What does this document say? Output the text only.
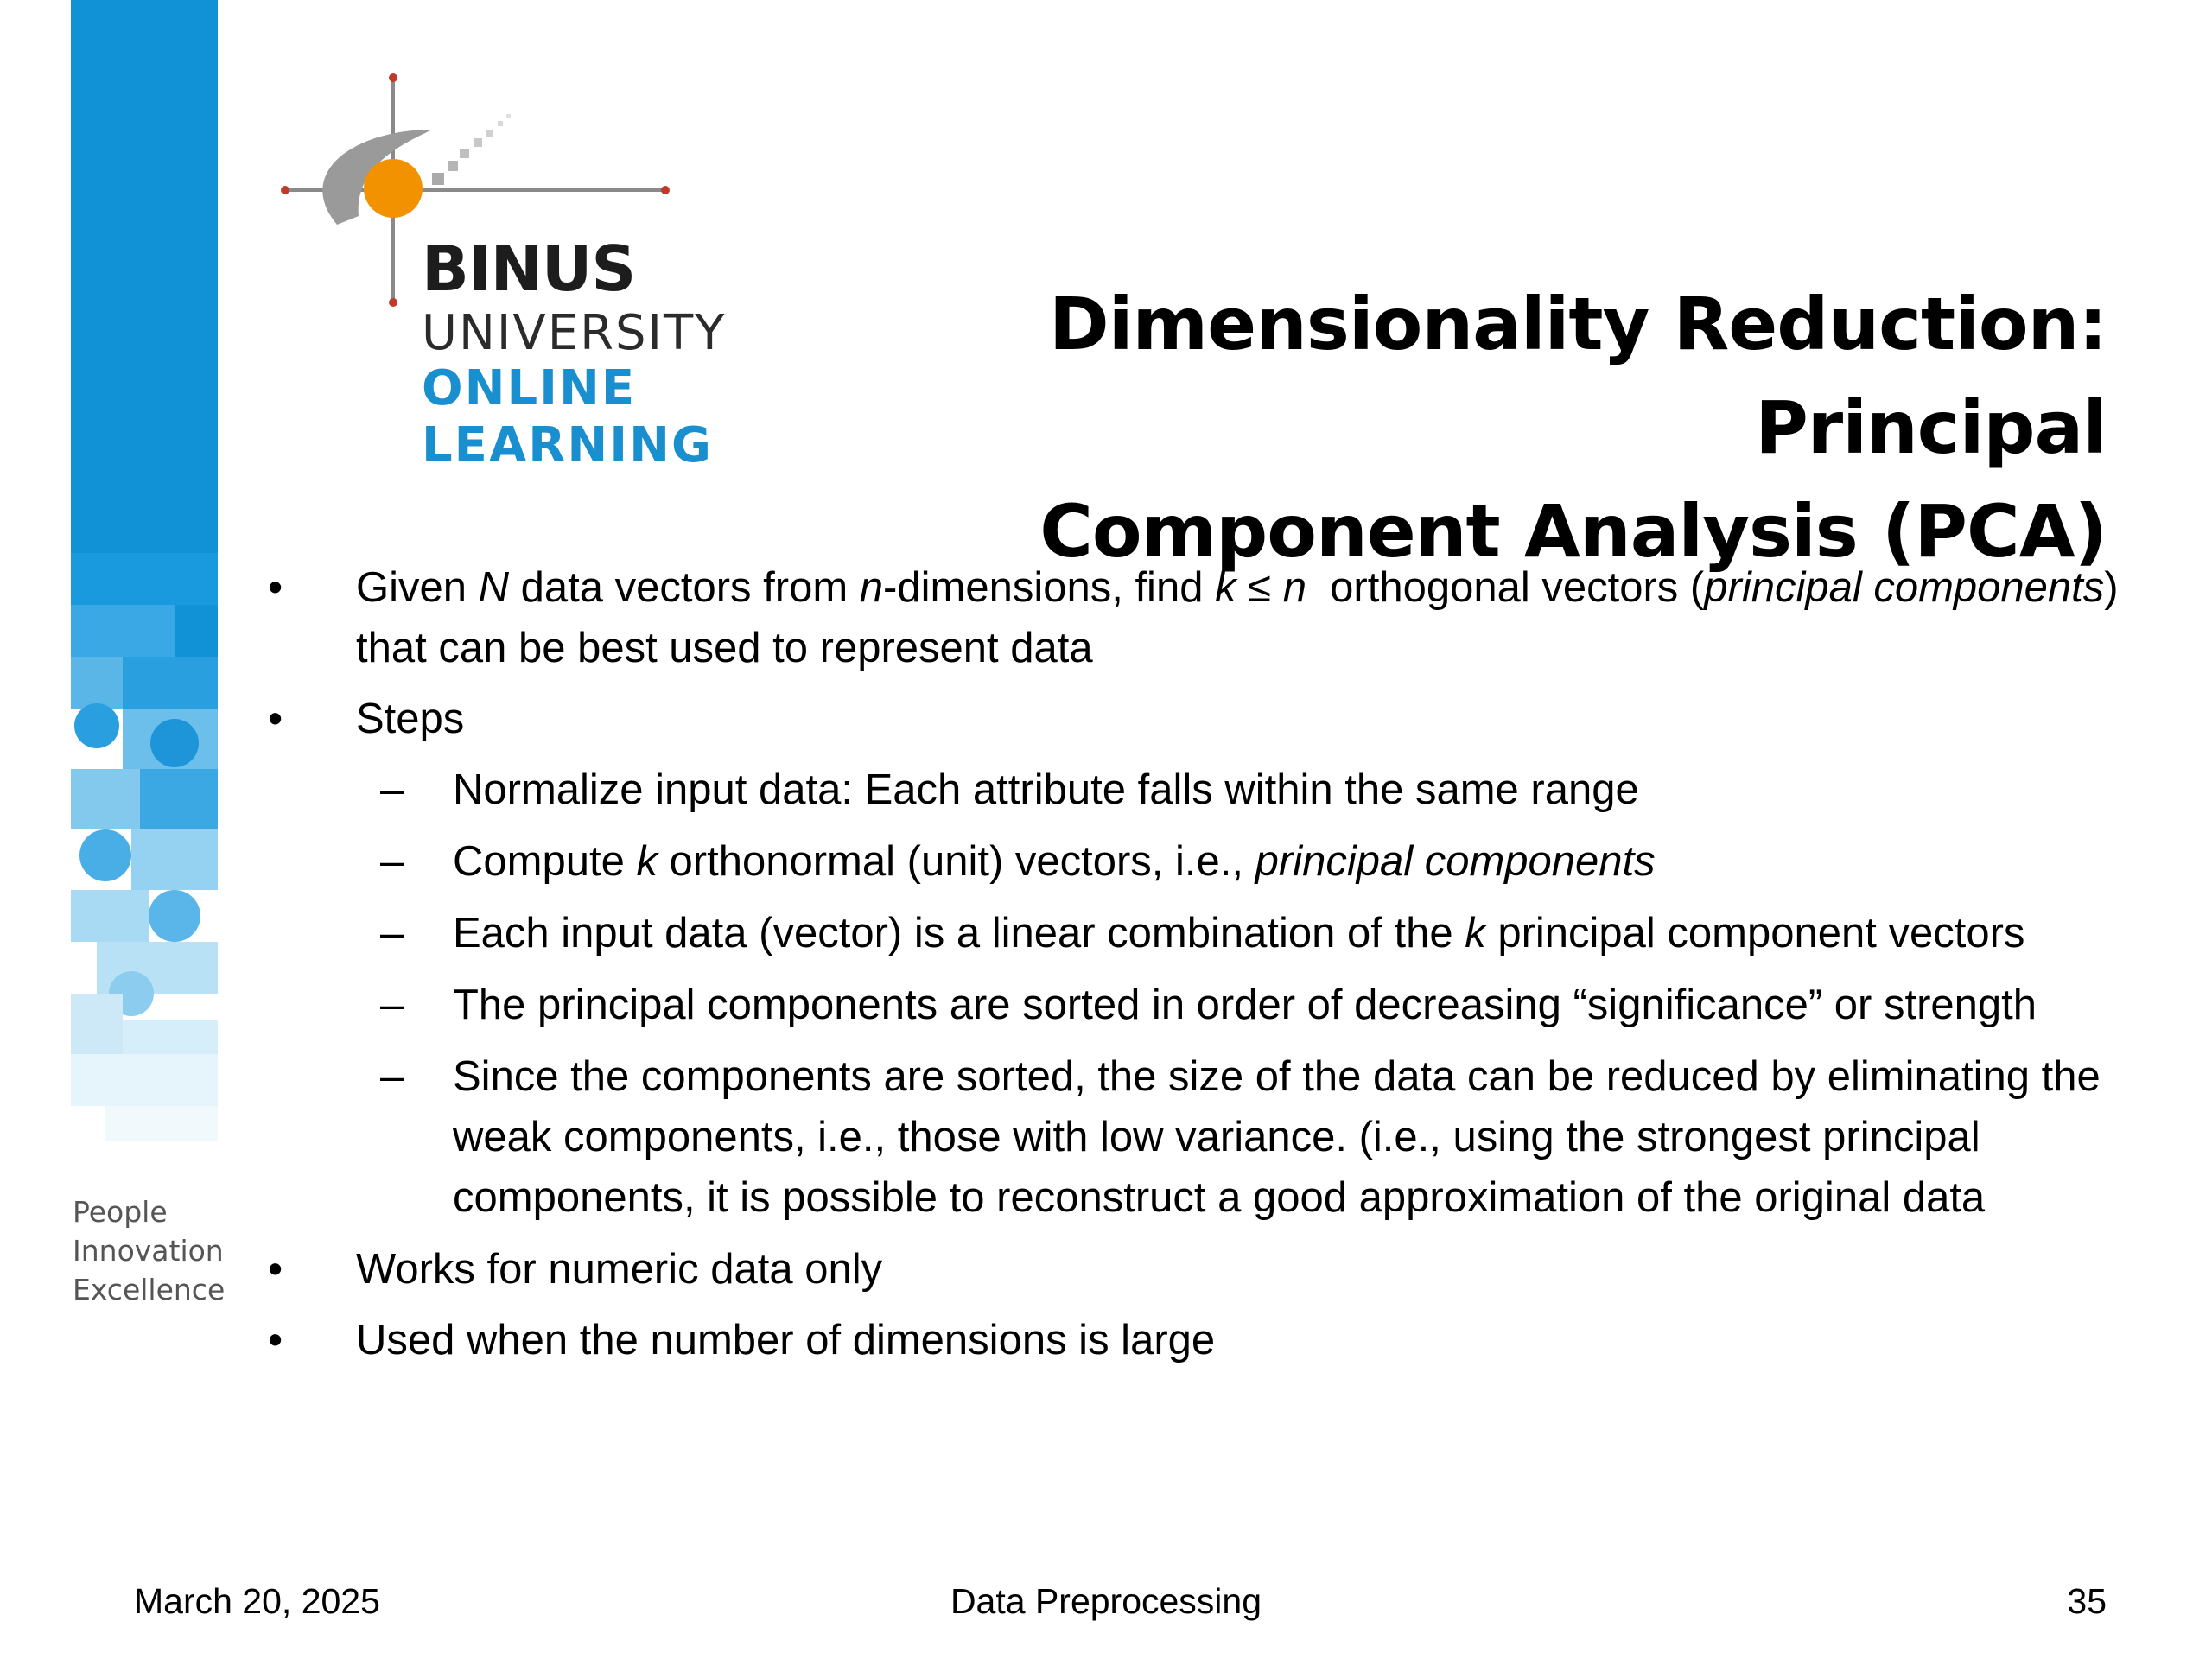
BINUS
UNIVERSITY
ONLINE
LEARNING
People
Innovation
Excellence
Dimensionality Reduction: Principal
Component Analysis (PCA)
• Given N data vectors from n-dimensions, find k ≤ n  orthogonal vectors (principal components) that can be best used to represent data
• Steps
– Normalize input data: Each attribute falls within the same range
– Compute k orthonormal (unit) vectors, i.e., principal components
– Each input data (vector) is a linear combination of the k principal component vectors
– The principal components are sorted in order of decreasing “significance” or strength
– Since the components are sorted, the size of the data can be reduced by eliminating the weak components, i.e., those with low variance. (i.e., using the strongest principal components, it is possible to reconstruct a good approximation of the original data
• Works for numeric data only
• Used when the number of dimensions is large
March 20, 2025	Data Preprocessing	35
